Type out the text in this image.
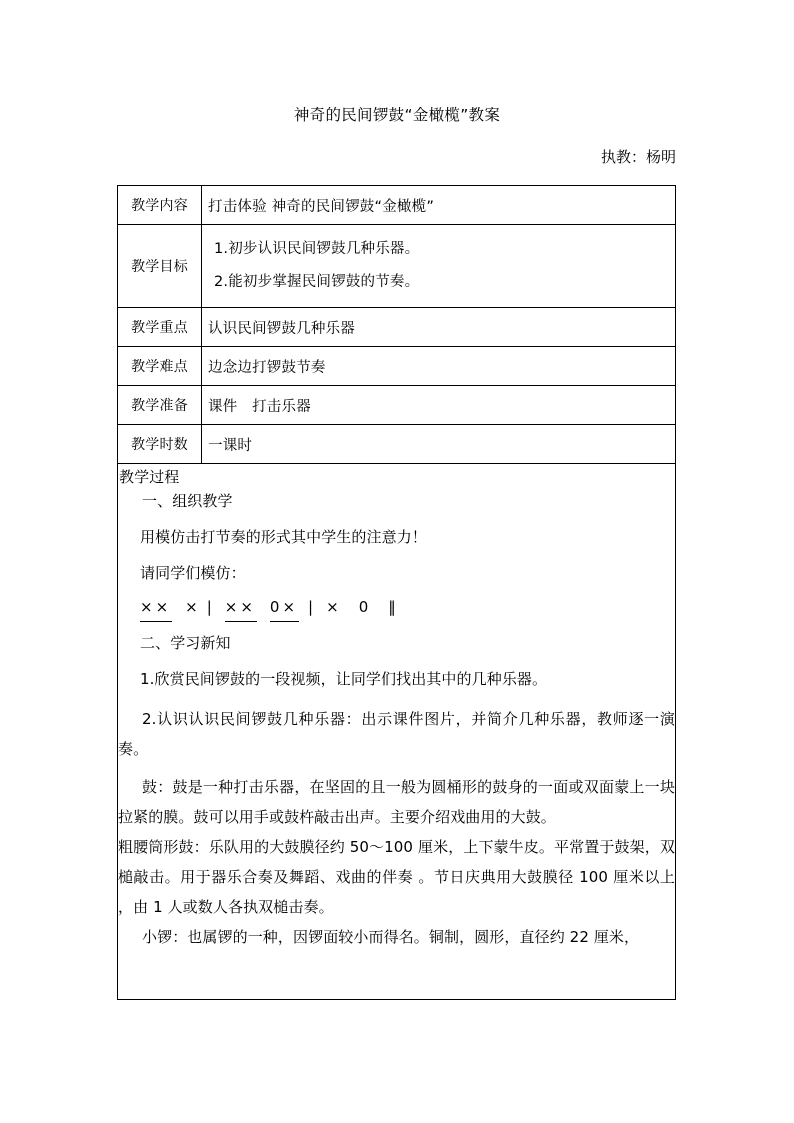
神奇的民间锣鼓“金橄榄”教案
执教：杨明
教学内容	打击体验 神奇的民间锣鼓“金橄榄”
教学目标	1.初步认识民间锣鼓几种乐器。
2.能初步掌握民间锣鼓的节奏。

教学重点	认识民间锣鼓几种乐器
教学难点	边念边打锣鼓节奏
教学准备	课件　打击乐器
教学时数	一课时

教学过程
一、组织教学
用模仿击打节奏的形式其中学生的注意力！
请同学们模仿：
×× × | ×× 0× | × 0 ‖
二、学习新知
1.欣赏民间锣鼓的一段视频，让同学们找出其中的几种乐器。
2.认识认识民间锣鼓几种乐器：出示课件图片，并简介几种乐器，教师逐一演奏。
鼓：鼓是一种打击乐器，在坚固的且一般为圆桶形的鼓身的一面或双面蒙上一块拉紧的膜。鼓可以用手或鼓杵敲击出声。主要介绍戏曲用的大鼓。
粗腰筒形鼓：乐队用的大鼓膜径约 50～100 厘米，上下蒙牛皮。平常置于鼓架，双槌敲击。用于器乐合奏及舞蹈、戏曲的伴奏 。节日庆典用大鼓膜径 100 厘米以上 ，由 1 人或数人各执双槌击奏。
小锣：也属锣的一种，因锣面较小而得名。铜制，圆形，直径约 22 厘米，
